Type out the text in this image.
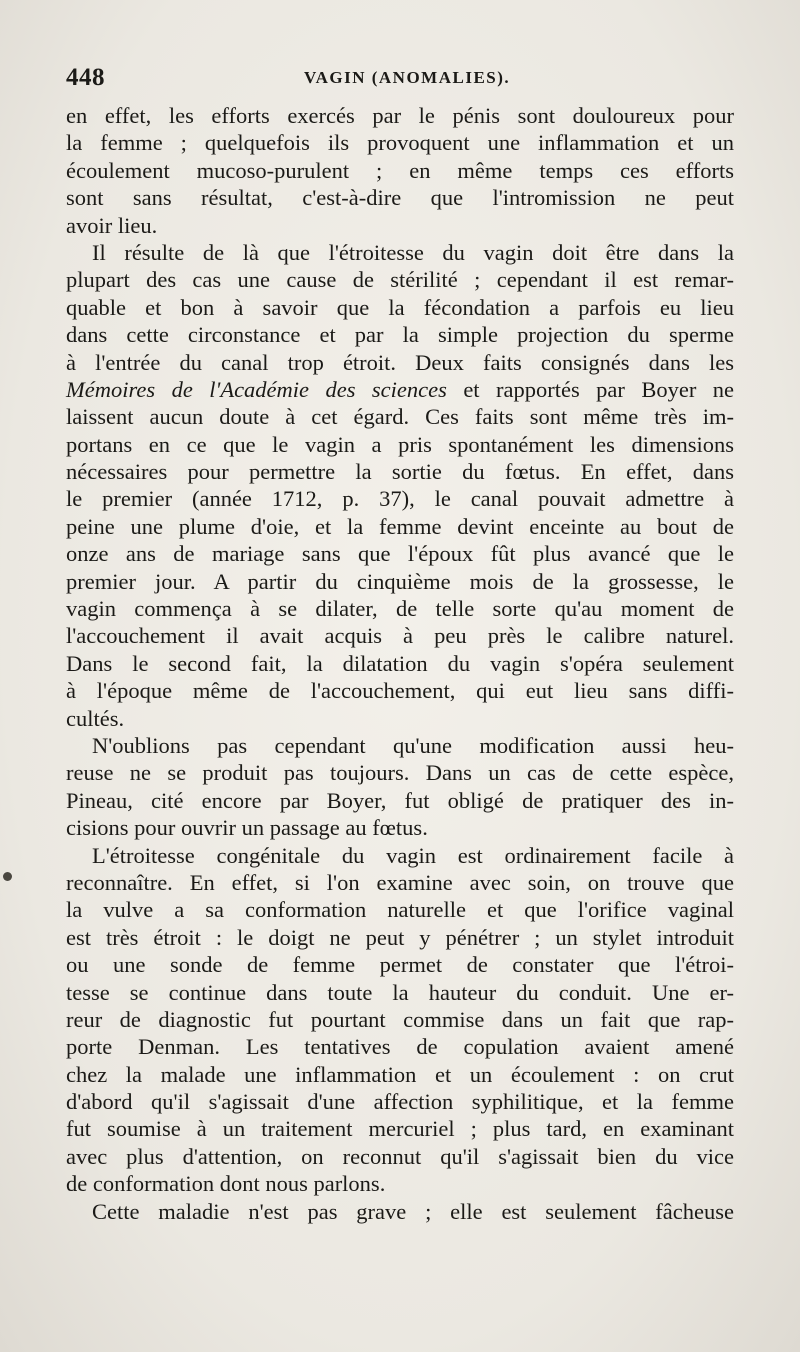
448	VAGIN (ANOMALIES).
en effet, les efforts exercés par le pénis sont douloureux pour
la femme ; quelquefois ils provoquent une inflammation et un
écoulement mucoso-purulent ; en même temps ces efforts
sont sans résultat, c'est-à-dire que l'intromission ne peut
avoir lieu.
Il résulte de là que l'étroitesse du vagin doit être dans la
plupart des cas une cause de stérilité ; cependant il est remar-
quable et bon à savoir que la fécondation a parfois eu lieu
dans cette circonstance et par la simple projection du sperme
à l'entrée du canal trop étroit. Deux faits consignés dans les
Mémoires de l'Académie des sciences et rapportés par Boyer ne
laissent aucun doute à cet égard. Ces faits sont même très im-
portans en ce que le vagin a pris spontanément les dimensions
nécessaires pour permettre la sortie du fœtus. En effet, dans
le premier (année 1712, p. 37), le canal pouvait admettre à
peine une plume d'oie, et la femme devint enceinte au bout de
onze ans de mariage sans que l'époux fût plus avancé que le
premier jour. A partir du cinquième mois de la grossesse, le
vagin commença à se dilater, de telle sorte qu'au moment de
l'accouchement il avait acquis à peu près le calibre naturel.
Dans le second fait, la dilatation du vagin s'opéra seulement
à l'époque même de l'accouchement, qui eut lieu sans diffi-
cultés.
N'oublions pas cependant qu'une modification aussi heu-
reuse ne se produit pas toujours. Dans un cas de cette espèce,
Pineau, cité encore par Boyer, fut obligé de pratiquer des in-
cisions pour ouvrir un passage au fœtus.
L'étroitesse congénitale du vagin est ordinairement facile à
reconnaître. En effet, si l'on examine avec soin, on trouve que
la vulve a sa conformation naturelle et que l'orifice vaginal
est très étroit : le doigt ne peut y pénétrer ; un stylet introduit
ou une sonde de femme permet de constater que l'étroi-
tesse se continue dans toute la hauteur du conduit. Une er-
reur de diagnostic fut pourtant commise dans un fait que rap-
porte Denman. Les tentatives de copulation avaient amené
chez la malade une inflammation et un écoulement : on crut
d'abord qu'il s'agissait d'une affection syphilitique, et la femme
fut soumise à un traitement mercuriel ; plus tard, en examinant
avec plus d'attention, on reconnut qu'il s'agissait bien du vice
de conformation dont nous parlons.
Cette maladie n'est pas grave ; elle est seulement fâcheuse
